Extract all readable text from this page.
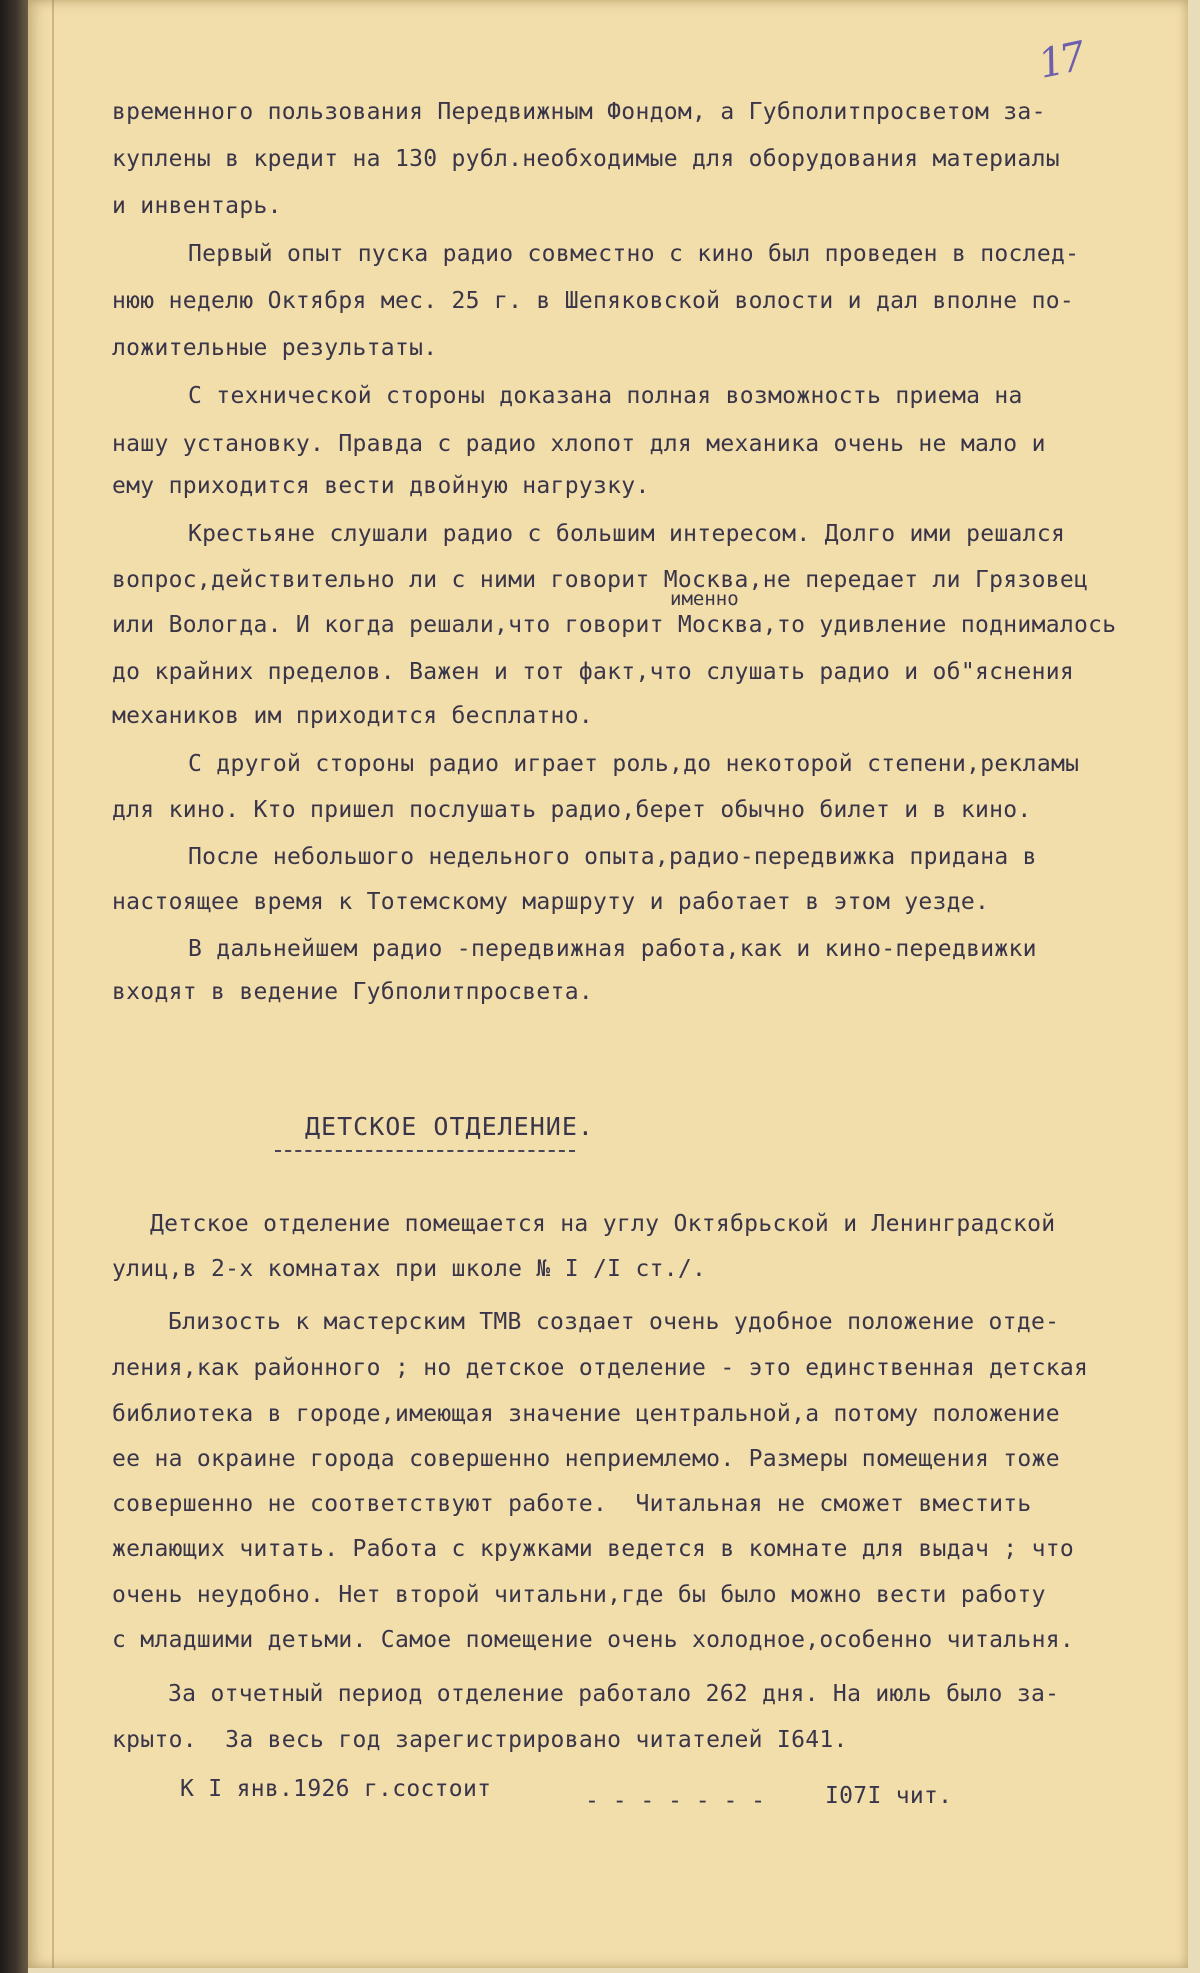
17
временного пользования Передвижным Фондом, а Губполитпросветом за-
куплены в кредит на 130 рубл.необходимые для оборудования материалы
и инвентарь.
Первый опыт пуска радио совместно с кино был проведен в послед-
нюю неделю Октября мес. 25 г. в Шепяковской волости и дал вполне по-
ложительные результаты.
С технической стороны доказана полная возможность приема на
нашу установку. Правда с радио хлопот для механика очень не мало и
ему приходится вести двойную нагрузку.
Крестьяне слушали радио с большим интересом. Долго ими решался
вопрос,действительно ли с ними говорит Москва,не передает ли Грязовец
именно
или Вологда. И когда решали,что говорит Москва,то удивление поднималось
до крайних пределов. Важен и тот факт,что слушать радио и об"яснения
механиков им приходится бесплатно.
С другой стороны радио играет роль,до некоторой степени,рекламы
для кино. Кто пришел послушать радио,берет обычно билет и в кино.
После небольшого недельного опыта,радио-передвижка придана в
настоящее время к Тотемскому маршруту и работает в этом уезде.
В дальнейшем радио -передвижная работа,как и кино-передвижки
входят в ведение Губполитпросвета.
ДЕТСКОЕ ОТДЕЛЕНИЕ.
Детское отделение помещается на углу Октябрьской и Ленинградской
улиц,в 2-х комнатах при школе № I /I ст./.
Близость к мастерским ТМВ создает очень удобное положение отде-
ления,как районного ; но детское отделение - это единственная детская
библиотека в городе,имеющая значение центральной,а потому положение
ее на окраине города совершенно неприемлемо. Размеры помещения тоже
совершенно не соответствуют работе.  Читальная не сможет вместить
желающих читать. Работа с кружками ведется в комнате для выдач ; что
очень неудобно. Нет второй читальни,где бы было можно вести работу
с младшими детьми. Самое помещение очень холодное,особенно читальня.
За отчетный период отделение работало 262 дня. На июль было за-
крыто.  За весь год зарегистрировано читателей I641.
К I янв.1926 г.состоит	- - - - - - -	I07I чит.
